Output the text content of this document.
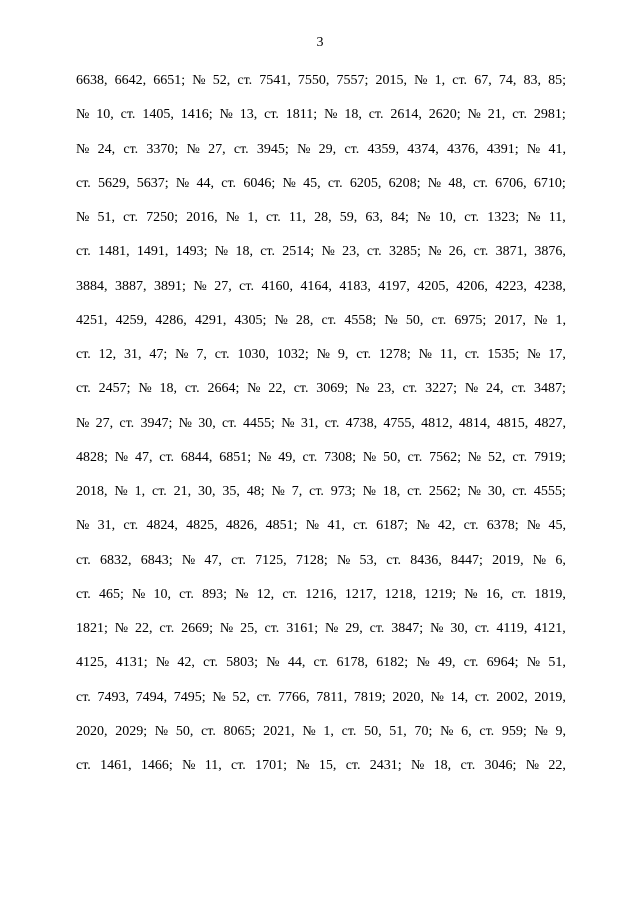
3
6638, 6642, 6651; № 52, ст. 7541, 7550, 7557; 2015, № 1, ст. 67, 74, 83, 85;
№ 10, ст. 1405, 1416; № 13, ст. 1811; № 18, ст. 2614, 2620; № 21, ст. 2981;
№ 24, ст. 3370; № 27, ст. 3945; № 29, ст. 4359, 4374, 4376, 4391; № 41,
ст. 5629, 5637; № 44, ст. 6046; № 45, ст. 6205, 6208; № 48, ст. 6706, 6710;
№ 51, ст. 7250; 2016, № 1, ст. 11, 28, 59, 63, 84; № 10, ст. 1323; № 11,
ст. 1481, 1491, 1493; № 18, ст. 2514; № 23, ст. 3285; № 26, ст. 3871, 3876,
3884, 3887, 3891; № 27, ст. 4160, 4164, 4183, 4197, 4205, 4206, 4223, 4238,
4251, 4259, 4286, 4291, 4305; № 28, ст. 4558; № 50, ст. 6975; 2017, № 1,
ст. 12, 31, 47; № 7, ст. 1030, 1032; № 9, ст. 1278; № 11, ст. 1535; № 17,
ст. 2457; № 18, ст. 2664; № 22, ст. 3069; № 23, ст. 3227; № 24, ст. 3487;
№ 27, ст. 3947; № 30, ст. 4455; № 31, ст. 4738, 4755, 4812, 4814, 4815, 4827,
4828; № 47, ст. 6844, 6851; № 49, ст. 7308; № 50, ст. 7562; № 52, ст. 7919;
2018, № 1, ст. 21, 30, 35, 48; № 7, ст. 973; № 18, ст. 2562; № 30, ст. 4555;
№ 31, ст. 4824, 4825, 4826, 4851; № 41, ст. 6187; № 42, ст. 6378; № 45,
ст. 6832, 6843; № 47, ст. 7125, 7128; № 53, ст. 8436, 8447; 2019, № 6,
ст. 465; № 10, ст. 893; № 12, ст. 1216, 1217, 1218, 1219; № 16, ст. 1819,
1821; № 22, ст. 2669; № 25, ст. 3161; № 29, ст. 3847; № 30, ст. 4119, 4121,
4125, 4131; № 42, ст. 5803; № 44, ст. 6178, 6182; № 49, ст. 6964; № 51,
ст. 7493, 7494, 7495; № 52, ст. 7766, 7811, 7819; 2020, № 14, ст. 2002, 2019,
2020, 2029; № 50, ст. 8065; 2021, № 1, ст. 50, 51, 70; № 6, ст. 959; № 9,
ст. 1461, 1466; № 11, ст. 1701; № 15, ст. 2431; № 18, ст. 3046; № 22,
